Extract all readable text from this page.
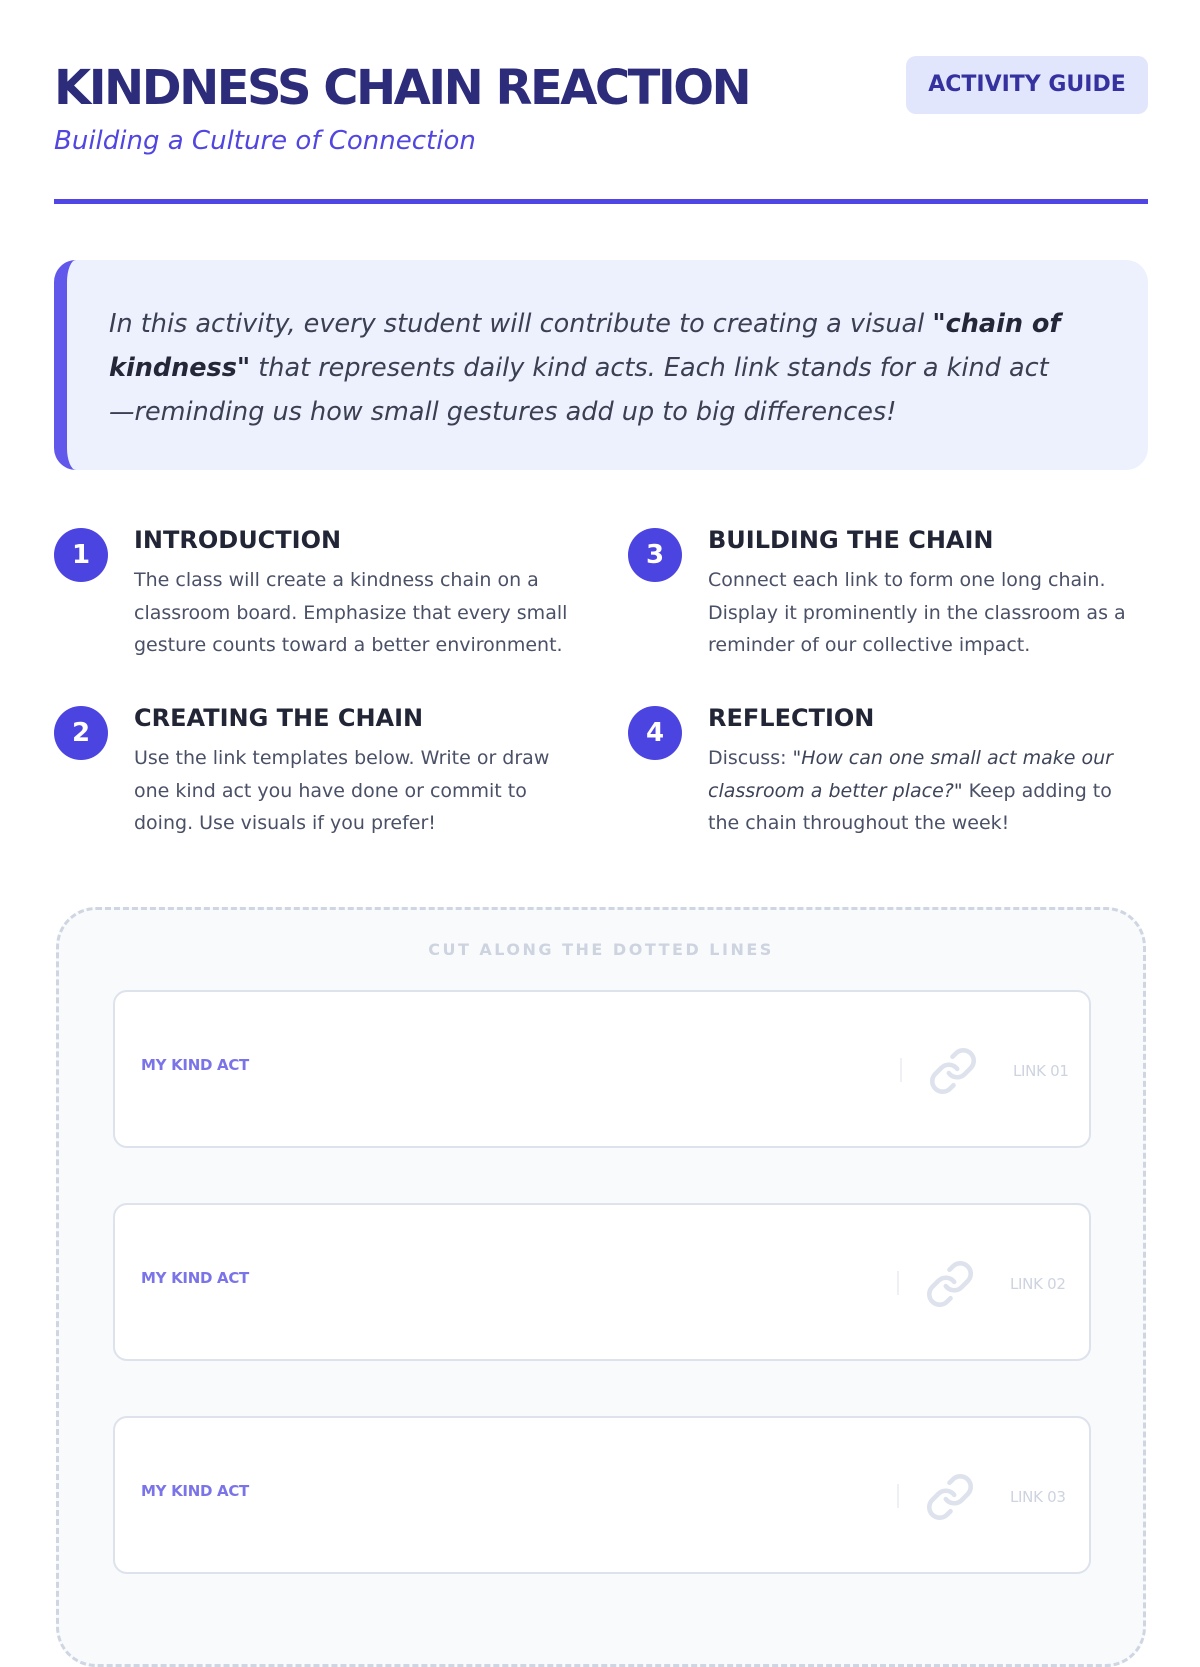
KINDNESS CHAIN REACTION

Building a Culture of Connection

ACTIVITY GUIDE
In this activity, every student will contribute to creating a visual "chain of kindness" that represents daily kind acts. Each link stands for a kind act—reminding us how small gestures add up to big differences!
1	INTRODUCTION

The class will create a kindness chain on a classroom board. Emphasize that every small gesture counts toward a better environment.

2	CREATING THE CHAIN

Use the link templates below. Write or draw one kind act you have done or commit to doing. Use visuals if you prefer!

3	BUILDING THE CHAIN

Connect each link to form one long chain. Display it prominently in the classroom as a reminder of our collective impact.

4	REFLECTION

Discuss: "How can one small act make our classroom a better place?" Keep adding to the chain throughout the week!

CUT ALONG THE DOTTED LINES
MY KIND ACT	LINK 01
MY KIND ACT	LINK 02
MY KIND ACT	LINK 03
